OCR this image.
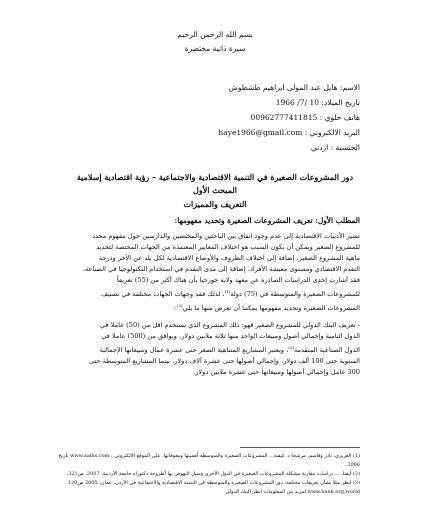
بسم الله الرحمن الرحيم
سيرة ذاتية مختصرة
الاسم: هايل عبد المولى ابراهيم طشطوش
تاريخ الميلاد: 10 /7/ 1966
هاتف خلوي : 00962777411815
البريد الالكتروني : haye1966@gmail.com
الجنسية : اردني
دور المشروعات الصغيرة في التنمية الاقتصادية والاجتماعية – رؤية اقتصادية إسلامية
المبحث الأول
التعريف والمميزات
المطلب الأول: تعريف المشروعات الصغيرة وتحديد مفهومها:
تشير الأدبيات الاقتصادية إلى عدم وجود اتفاق بين الباحثين والمختصين والدارسين حول مفهوم محدد
للمشروع الصغير ويمكن أن يكون السبب هو اختلاف المعايير المعتمدة من الجهات المختصة لتحديد
ماهية المشروع الصغير، إضافة إلى اختلاف الظروف والأوضاع الاقتصادية لكل بلد عن الآخر ودرجة
التقدم الاقتصادي ومستوى معيشة الأفراد، إضافة إلى مدى التقدم في استخدام التكنولوجيا في الصناعة،
فقد أشارت إحدى الدراسات الصادرة عن معهد ولاية جورجيا بأن هناك أكثر من (55) تعريفاً
للمشروعات الصغيرة والمتوسطة في (75) دولة$^{(1)}$، لذلك فقد وجهات الجهات مختلفة في تصنيف
المشروعات الصغيرة وتحديد مفهومها يمكننا أن نعرض منها ما يلي$^{(2)}$:
- تعريف البنك الدولي للمشروع الصغير فهو: ذلك المشروع الذي يستخدم اقل من (50) عاملا في
الدول النامية وإجمالي أصول ومبيعات الواحد منها ثلاثة ملايين دولار، ويوافق من (500) عاملا في
الدول الصناعية المتقدمة$^{(3)}$، ويعتبر المشاريع المتناهية الصغر حتى عشرة عمال ومبيعاتها الإجمالية
السنوية حتى 100 ألف دولار، وإجمالي أصولها حتى عشرة آلاف دولار، بينما المشاريع المتوسطة حتى
300 عامل وإجمالي أصولها ومبيعاتها حتى عشرة ملايين دولار.
(1) الغريزي، نادر وقاسم، مرشحا د. كيفية... المشروعات الصغيرة والمتوسطة أهميتها ومعوقاتها. على الموقع الالكتروني : www.aabis.com تاريخ 2006.
(2) أيضا، ... دراسات مقارنة مشكلة المشروعات الصغيرة في الدول الأخرى وسبل النهوض بها أطروحة دكتوراه جامعة الأردنية، 2007، ص321.
(3) انظر مثلا بشأن تعريفات مختلفة: دور المشروعات الصغيرة والمتوسطة في التنمية الاقتصادية والاجتماعية في الأردن، عمان، 2005 ص120.
www.bank.org.world لمزيد من المعلومات انظر البنك الدولي
